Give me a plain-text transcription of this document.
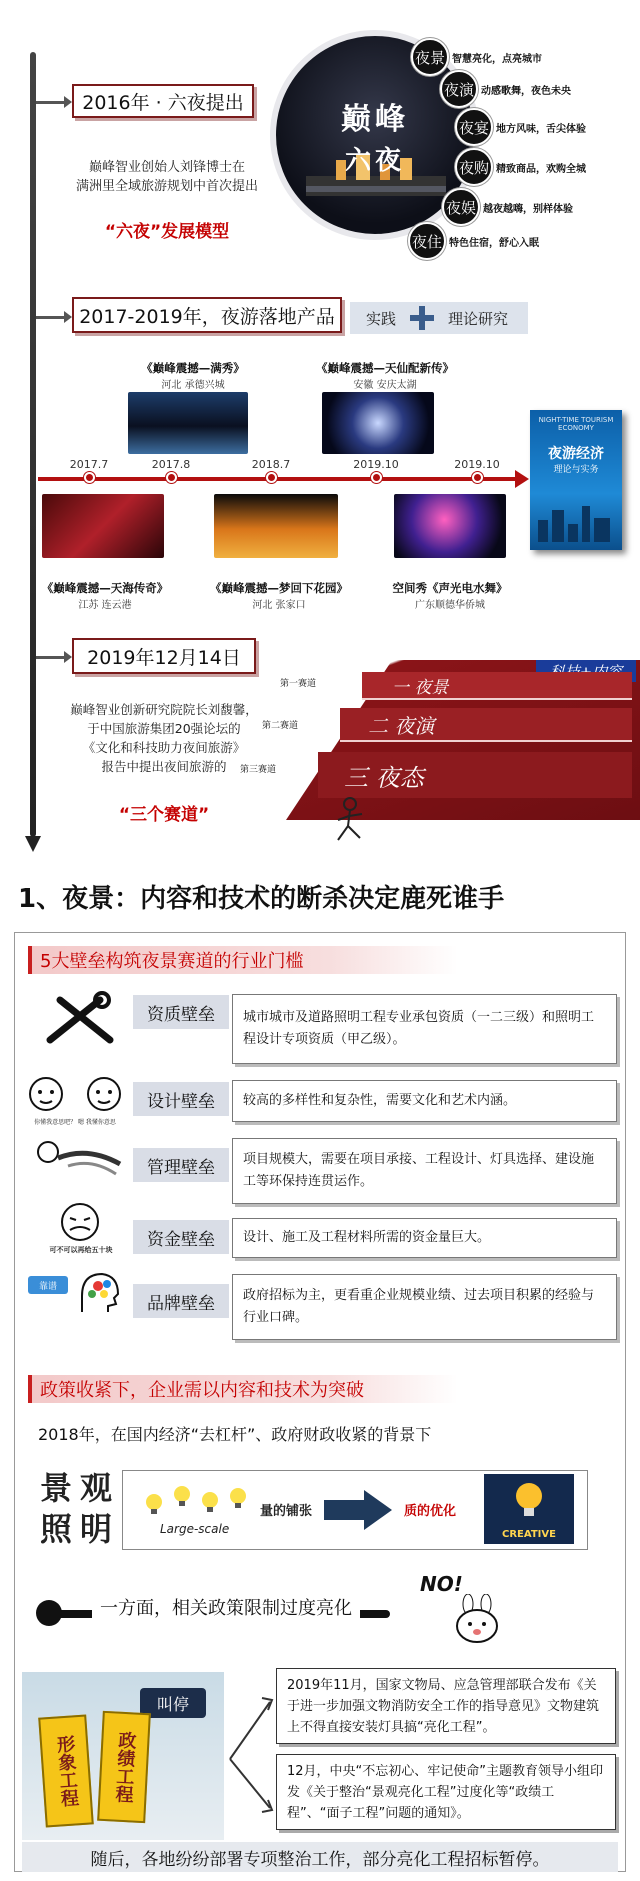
2016年 · 六夜提出
巅峰智业创始人刘锋博士在
满洲里全域旅游规划中首次提出
“六夜”发展模型
巅峰
六夜
夜景 智慧亮化，点亮城市
夜演 动感歌舞，夜色未央
夜宴 地方风味，舌尖体验
夜购 精致商品，欢购全城
夜娱 越夜越嗨，别样体验
夜住 特色住宿，舒心入眠
2017-2019年，夜游落地产品	实践	理论研究
《巅峰震撼—满秀》
河北 承德兴城
《巅峰震撼—天仙配新传》
安徽 安庆太湖
2017.7	2017.8	2018.7	2019.10	2019.10
《巅峰震撼—天海传奇》
江苏 连云港
《巅峰震撼—梦回下花园》
河北 张家口
空间秀《声光电水舞》
广东顺德华侨城
NIGHT-TIME TOURISM ECONOMY
夜游经济
理论与实务
2019年12月14日
巅峰智业创新研究院院长刘馥馨，
于中国旅游集团20强论坛的
《文化和科技助力夜间旅游》
报告中提出夜间旅游的
“三个赛道”
第一赛道
第二赛道
第三赛道
一 夜景
二 夜演
三 夜态
1、夜景：内容和技术的断杀决定鹿死谁手
5大壁垒构筑夜景赛道的行业门槛
资质壁垒	城市城市及道路照明工程专业承包资质（一二三级）和照明工程设计专项资质（甲乙级）。
你懂我意思吧？ 嗯 我懂你意思
设计壁垒	较高的多样性和复杂性，需要文化和艺术内涵。
管理壁垒	项目规模大，需要在项目承接、工程设计、灯具选择、建设施工等环保持连贯运作。
可不可以再给五十块
资金壁垒	设计、施工及工程材料所需的资金量巨大。
靠谱
品牌壁垒	政府招标为主，更看重企业规模业绩、过去项目积累的经验与行业口碑。
政策收紧下，企业需以内容和技术为突破
2018年，在国内经济“去杠杆”、政府财政收紧的背景下
景 观
照 明	Large-scale
量的铺张	质的优化
CREATIVE
一方面，相关政策限制过度亮化
NO!
叫停
形象工程	政绩工程
2019年11月，国家文物局、应急管理部联合发布《关于进一步加强文物消防安全工作的指导意见》文物建筑上不得直接安装灯具搞“亮化工程”。
12月，中央“不忘初心、牢记使命”主题教育领导小组印发《关于整治“景观亮化工程”过度化等“政绩工程”、“面子工程”问题的通知》。
随后，各地纷纷部署专项整治工作，部分亮化工程招标暂停。
